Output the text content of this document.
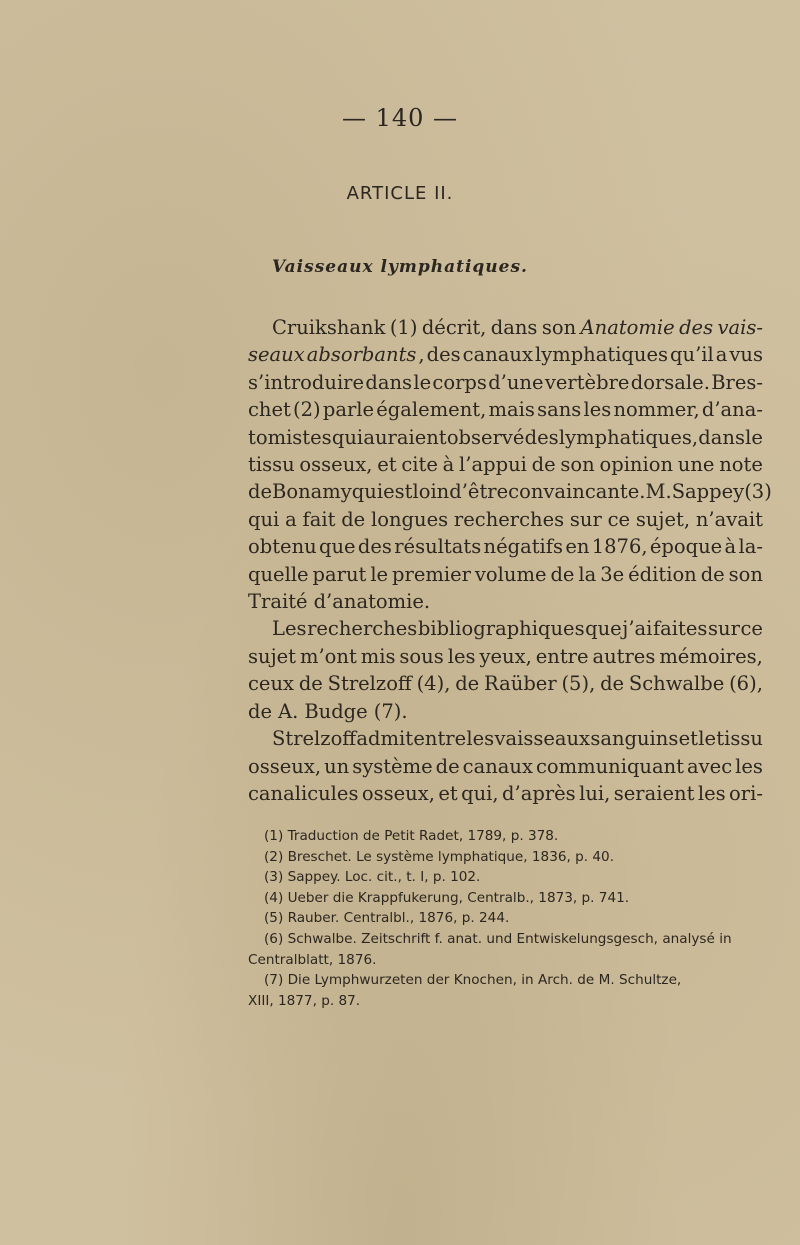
— 140 —
ARTICLE II.
Vaisseaux lymphatiques.
Cruikshank (1) décrit, dans son Anatomie des vais-
seaux absorbants , des canaux lymphatiques qu’il a vus
s’introduire dans le corps d’une vertèbre dorsale. Bres-
chet (2) parle également, mais sans les nommer, d’ana-
tomistes qui auraient observé des lymphatiques, dans le
tissu osseux, et cite à l’appui de son opinion une note
de Bonamy qui est loin d’être convaincante. M. Sappey (3)
qui a fait de longues recherches sur ce sujet, n’avait
obtenu que des résultats négatifs en 1876, époque à la-
quelle parut le premier volume de la 3e édition de son
Traité d’anatomie.
Les recherches bibliographiques que j’ai faites sur ce
sujet m’ont mis sous les yeux, entre autres mémoires,
ceux de Strelzoff (4), de Raüber (5), de Schwalbe (6),
de A. Budge (7).
Strelzoff admit entre les vaisseaux sanguins et le tissu
osseux, un système de canaux communiquant avec les
canalicules osseux, et qui, d’après lui, seraient les ori-
(1) Traduction de Petit Radet, 1789, p. 378.
(2) Breschet. Le système lymphatique, 1836, p. 40.
(3) Sappey. Loc. cit., t. I, p. 102.
(4) Ueber die Krappfukerung, Centralb., 1873, p. 741.
(5) Rauber. Centralbl., 1876, p. 244.
(6) Schwalbe. Zeitschrift f. anat. und Entwiskelungsgesch, analysé in
Centralblatt, 1876.
(7) Die Lymphwurzeten der Knochen, in Arch. de M. Schultze,
XIII, 1877, p. 87.
